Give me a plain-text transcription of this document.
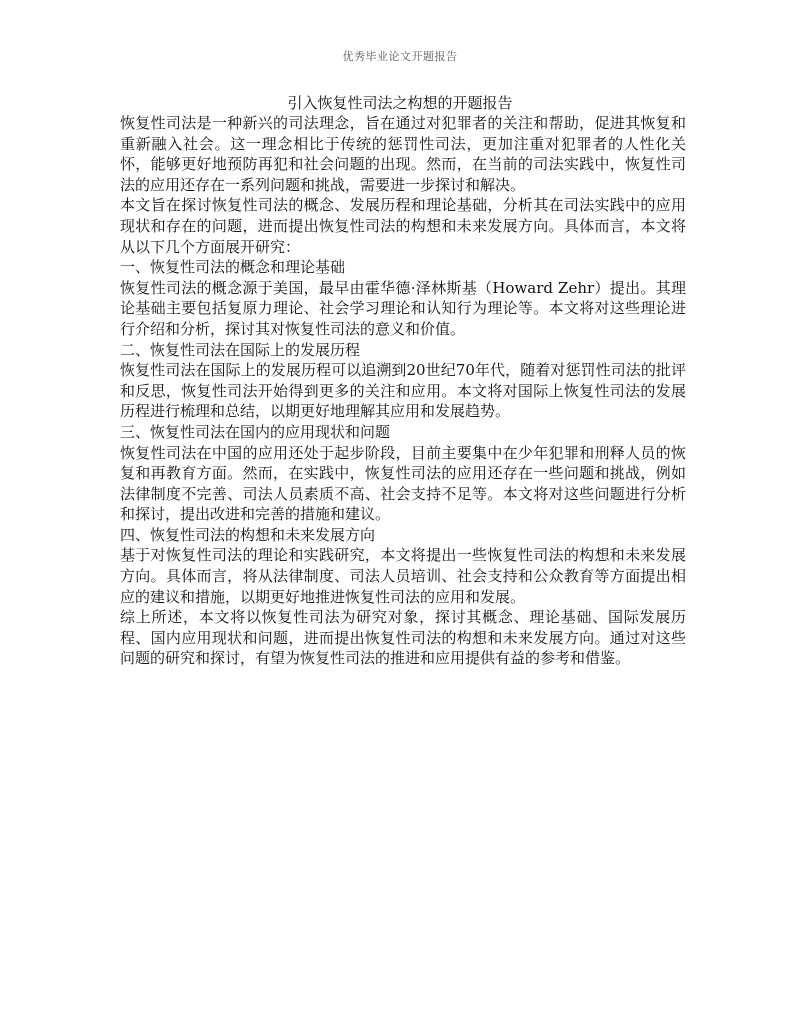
优秀毕业论文开题报告
引入恢复性司法之构想的开题报告

恢复性司法是一种新兴的司法理念，旨在通过对犯罪者的关注和帮助，促进其恢复和重新融入社会。这一理念相比于传统的惩罚性司法，更加注重对犯罪者的人性化关怀，能够更好地预防再犯和社会问题的出现。然而，在当前的司法实践中，恢复性司法的应用还存在一系列问题和挑战，需要进一步探讨和解决。

本文旨在探讨恢复性司法的概念、发展历程和理论基础，分析其在司法实践中的应用现状和存在的问题，进而提出恢复性司法的构想和未来发展方向。具体而言，本文将从以下几个方面展开研究：

一、恢复性司法的概念和理论基础

恢复性司法的概念源于美国，最早由霍华德·泽林斯基（Howard Zehr）提出。其理论基础主要包括复原力理论、社会学习理论和认知行为理论等。本文将对这些理论进行介绍和分析，探讨其对恢复性司法的意义和价值。

二、恢复性司法在国际上的发展历程

恢复性司法在国际上的发展历程可以追溯到20世纪70年代，随着对惩罚性司法的批评和反思，恢复性司法开始得到更多的关注和应用。本文将对国际上恢复性司法的发展历程进行梳理和总结，以期更好地理解其应用和发展趋势。

三、恢复性司法在国内的应用现状和问题

恢复性司法在中国的应用还处于起步阶段，目前主要集中在少年犯罪和刑释人员的恢复和再教育方面。然而，在实践中，恢复性司法的应用还存在一些问题和挑战，例如法律制度不完善、司法人员素质不高、社会支持不足等。本文将对这些问题进行分析和探讨，提出改进和完善的措施和建议。

四、恢复性司法的构想和未来发展方向

基于对恢复性司法的理论和实践研究，本文将提出一些恢复性司法的构想和未来发展方向。具体而言，将从法律制度、司法人员培训、社会支持和公众教育等方面提出相应的建议和措施，以期更好地推进恢复性司法的应用和发展。

综上所述，本文将以恢复性司法为研究对象，探讨其概念、理论基础、国际发展历程、国内应用现状和问题，进而提出恢复性司法的构想和未来发展方向。通过对这些问题的研究和探讨，有望为恢复性司法的推进和应用提供有益的参考和借鉴。
